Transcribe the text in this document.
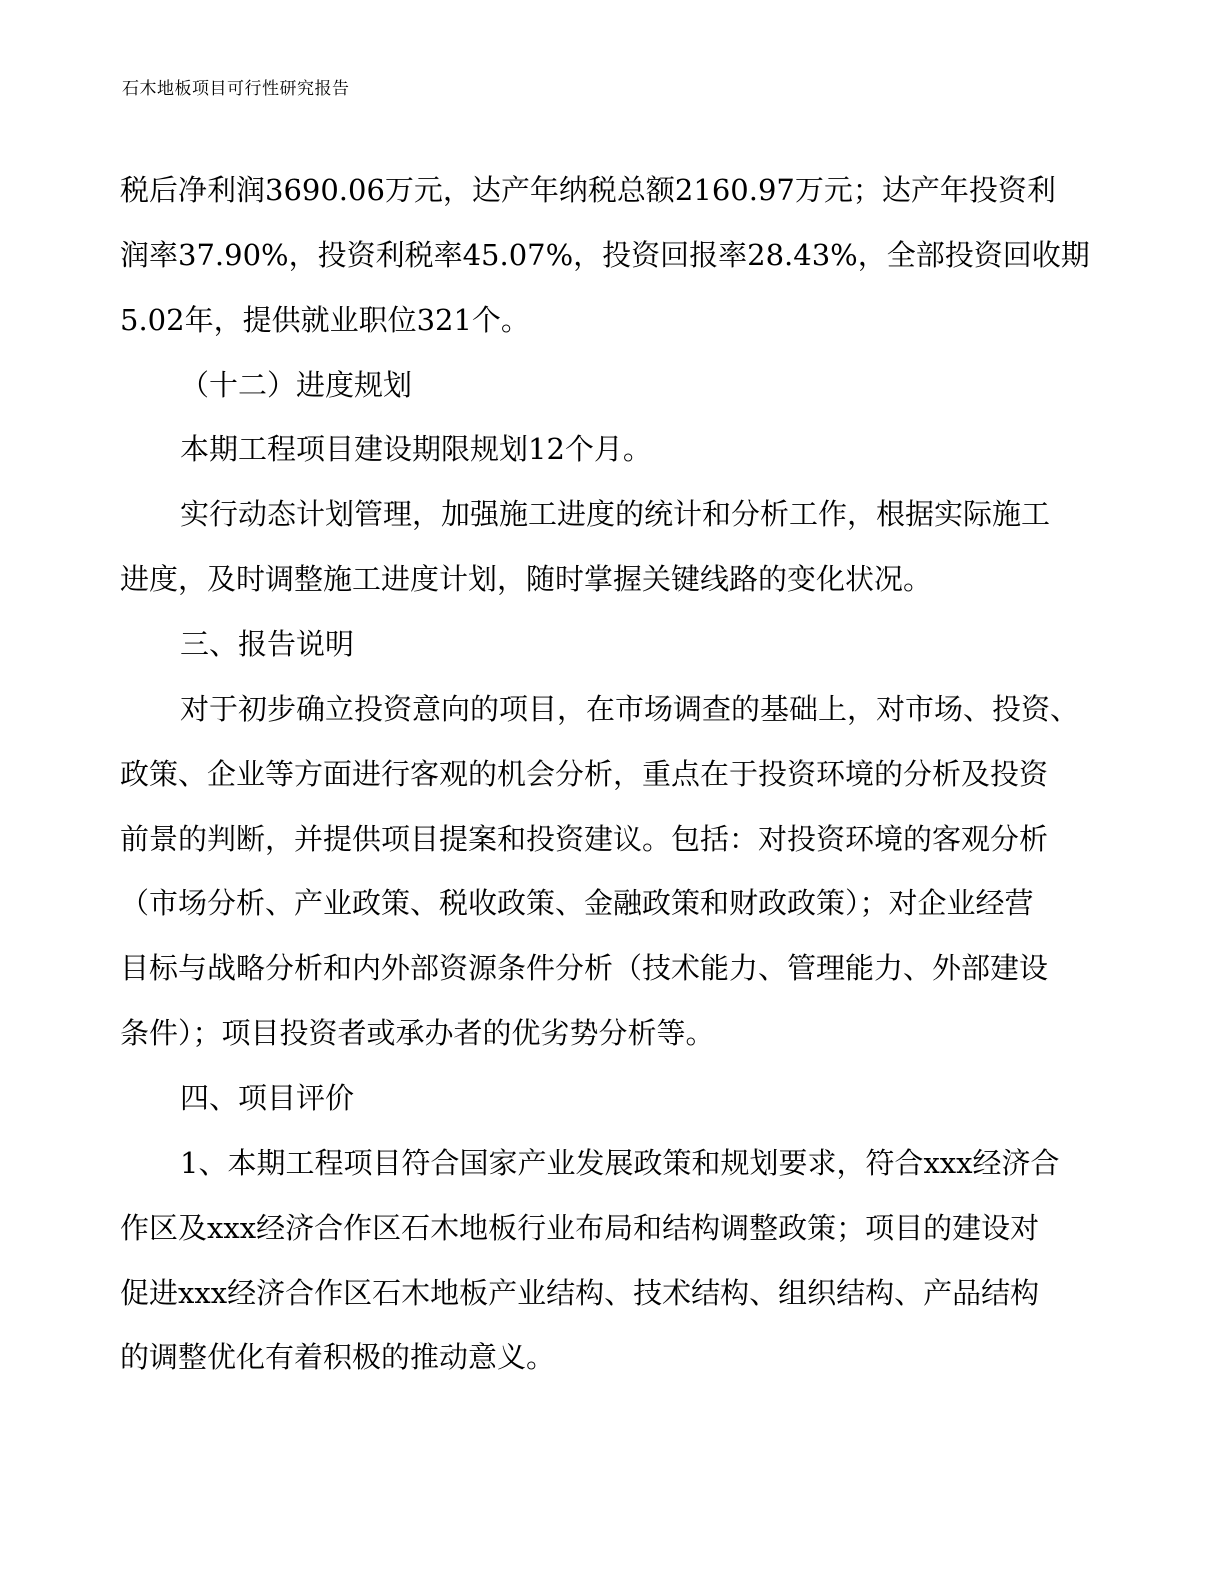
石木地板项目可行性研究报告
税后净利润3690.06万元，达产年纳税总额2160.97万元；达产年投资利
润率37.90%，投资利税率45.07%，投资回报率28.43%，全部投资回收期
5.02年，提供就业职位321个。
（十二）进度规划
本期工程项目建设期限规划12个月。
实行动态计划管理，加强施工进度的统计和分析工作，根据实际施工
进度，及时调整施工进度计划，随时掌握关键线路的变化状况。
三、报告说明
对于初步确立投资意向的项目，在市场调查的基础上，对市场、投资、
政策、企业等方面进行客观的机会分析，重点在于投资环境的分析及投资
前景的判断，并提供项目提案和投资建议。包括：对投资环境的客观分析
（市场分析、产业政策、税收政策、金融政策和财政政策）；对企业经营
目标与战略分析和内外部资源条件分析（技术能力、管理能力、外部建设
条件）；项目投资者或承办者的优劣势分析等。
四、项目评价
1、本期工程项目符合国家产业发展政策和规划要求，符合xxx经济合
作区及xxx经济合作区石木地板行业布局和结构调整政策；项目的建设对
促进xxx经济合作区石木地板产业结构、技术结构、组织结构、产品结构
的调整优化有着积极的推动意义。
